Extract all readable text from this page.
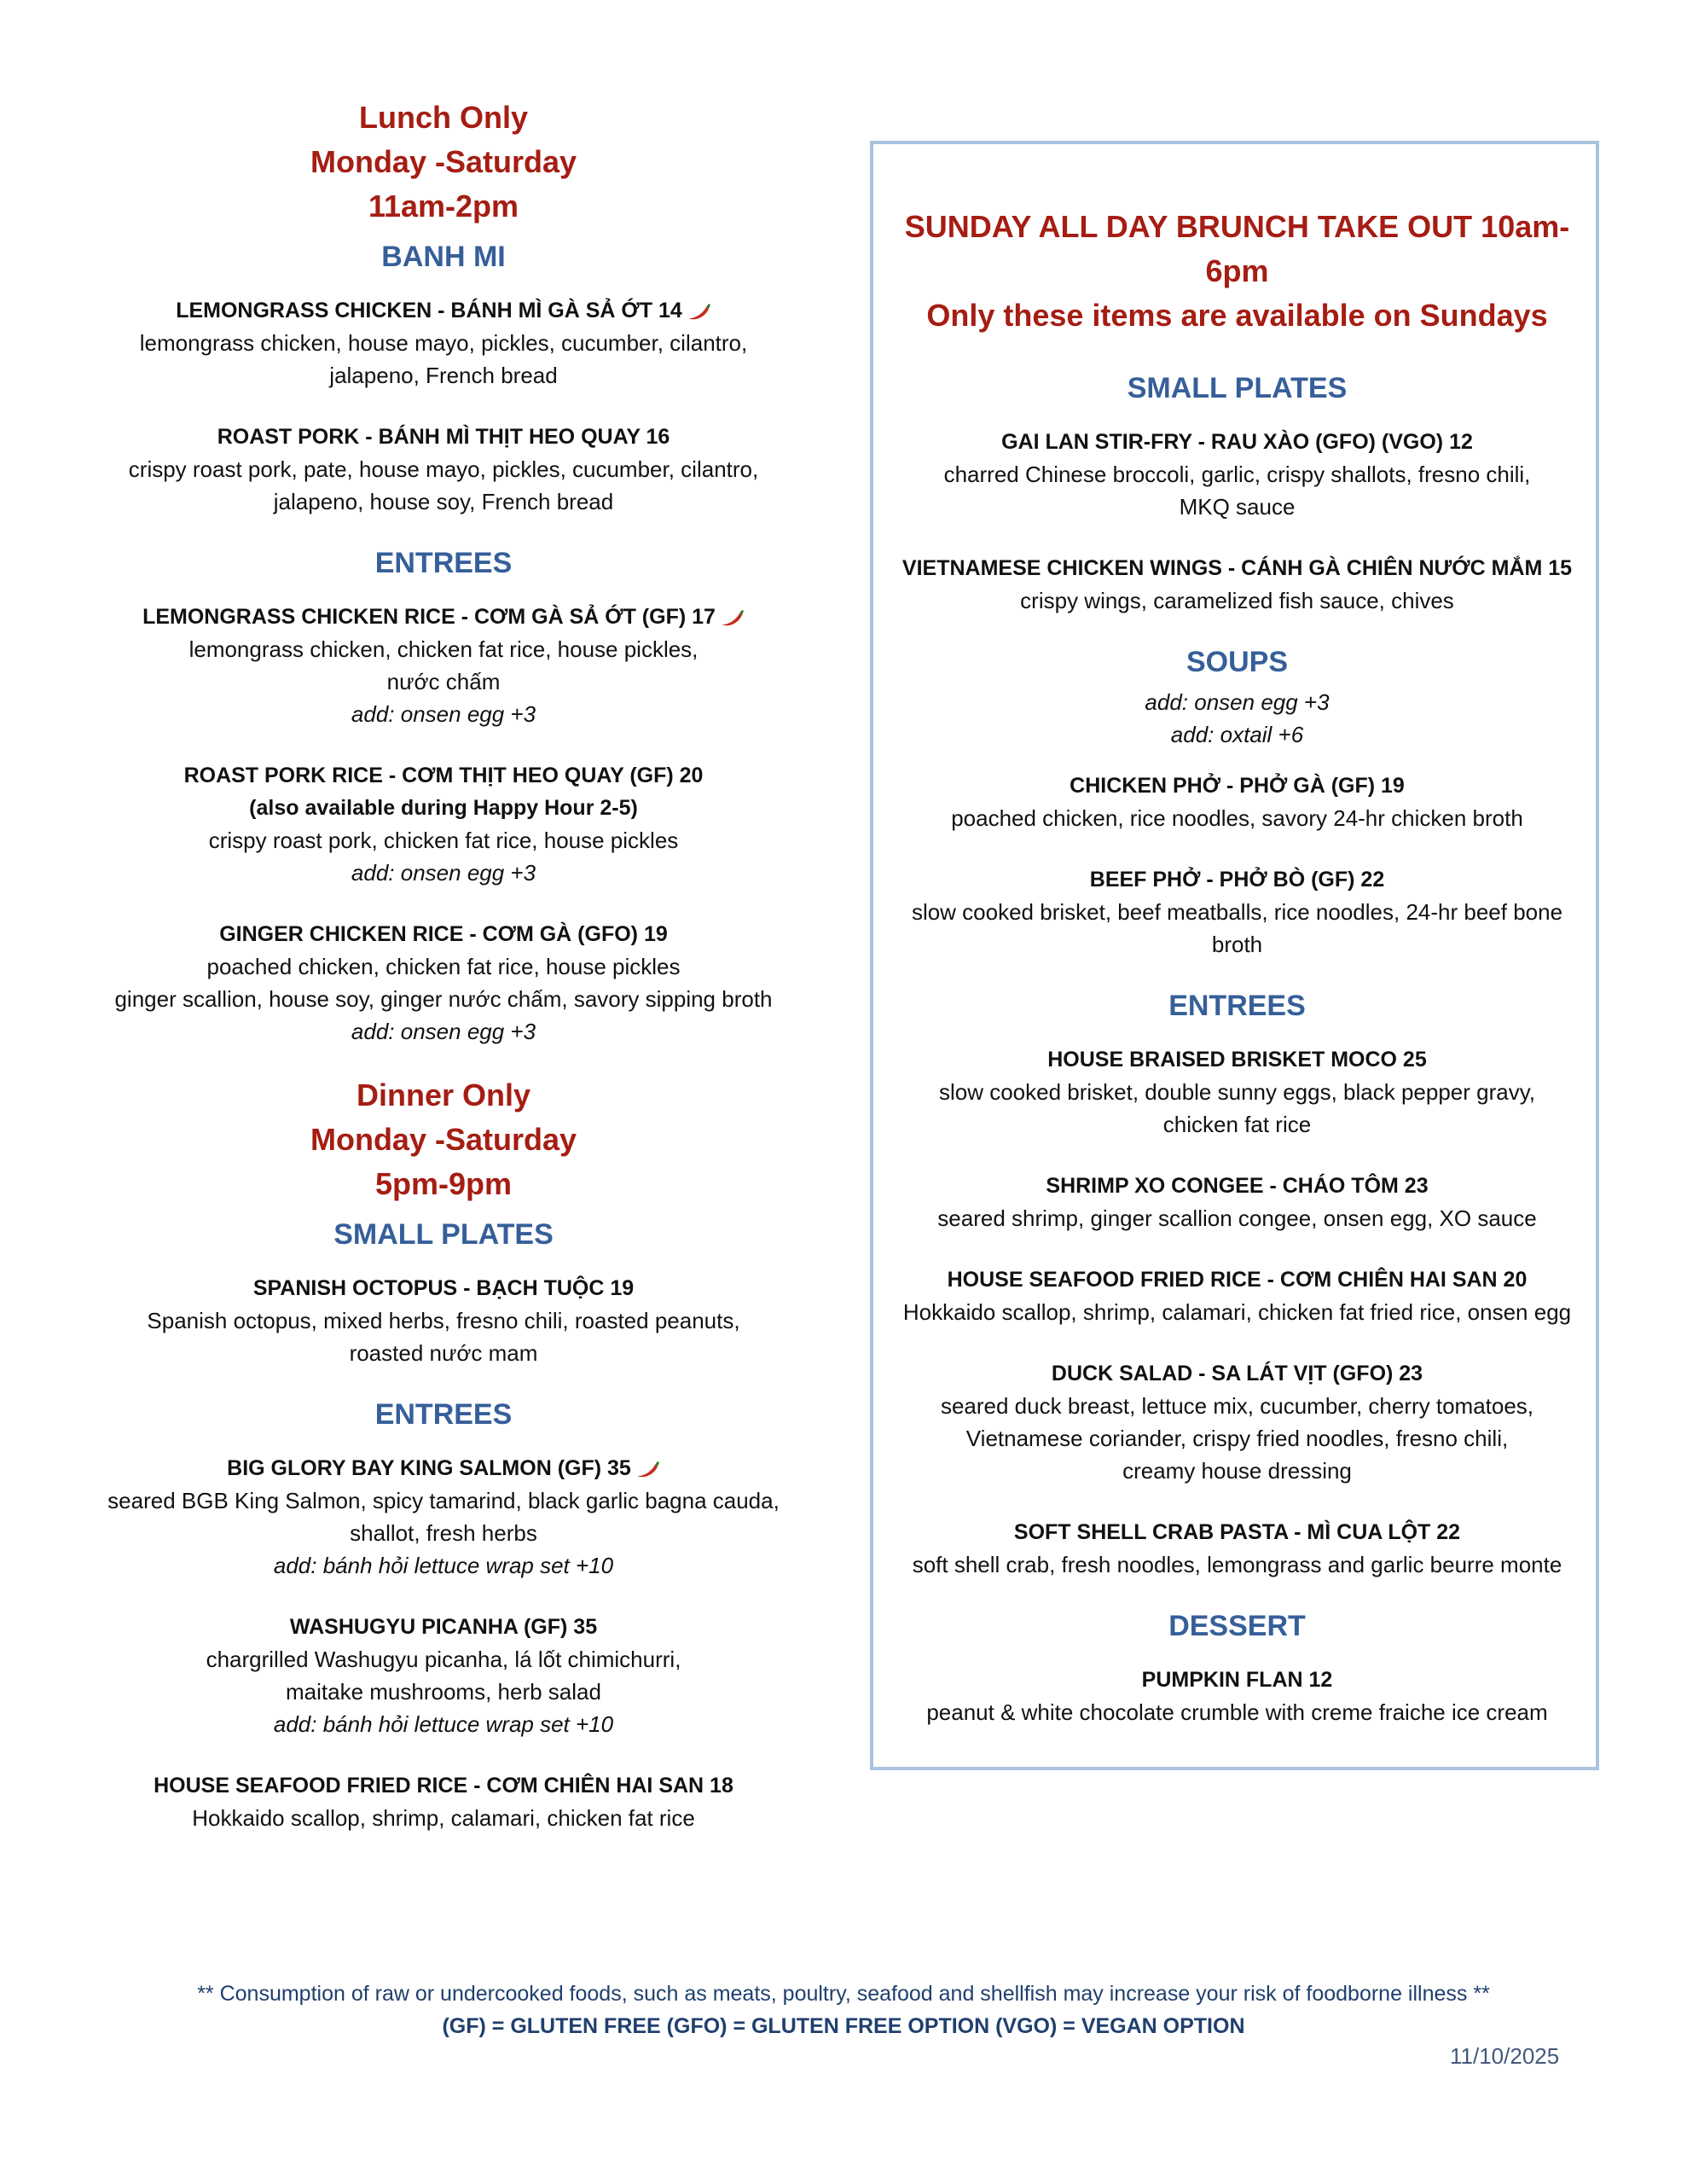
Lunch Only
Monday -Saturday
11am-2pm
BANH MI
LEMONGRASS CHICKEN - BÁNH MÌ GÀ SẢ ỚT 14
lemongrass chicken, house mayo, pickles, cucumber, cilantro,
jalapeno, French bread
ROAST PORK - BÁNH MÌ THỊT HEO QUAY 16
crispy roast pork, pate, house mayo, pickles, cucumber, cilantro,
jalapeno, house soy, French bread
ENTREES
LEMONGRASS CHICKEN RICE - CƠM GÀ SẢ ỚT (GF) 17
lemongrass chicken, chicken fat rice, house pickles,
nước chấm
add: onsen egg +3
ROAST PORK RICE - CƠM THỊT HEO QUAY (GF) 20
(also available during Happy Hour 2-5)
crispy roast pork, chicken fat rice, house pickles
add: onsen egg +3
GINGER CHICKEN RICE - CƠM GÀ (GFO) 19
poached chicken, chicken fat rice, house pickles
ginger scallion, house soy, ginger nước chấm, savory sipping broth
add: onsen egg +3
Dinner Only
Monday -Saturday
5pm-9pm
SMALL PLATES
SPANISH OCTOPUS - BẠCH TUỘC 19
Spanish octopus, mixed herbs, fresno chili, roasted peanuts,
roasted nước mam
ENTREES
BIG GLORY BAY KING SALMON (GF) 35
seared BGB King Salmon, spicy tamarind, black garlic bagna cauda,
shallot, fresh herbs
add: bánh hỏi lettuce wrap set +10
WASHUGYU PICANHA (GF) 35
chargrilled Washugyu picanha, lá lốt chimichurri,
maitake mushrooms, herb salad
add: bánh hỏi lettuce wrap set +10
HOUSE SEAFOOD FRIED RICE - CƠM CHIÊN HAI SAN 18
Hokkaido scallop, shrimp, calamari, chicken fat rice
SUNDAY ALL DAY BRUNCH TAKE OUT 10am-6pm
Only these items are available on Sundays
SMALL PLATES
GAI LAN STIR-FRY - RAU XÀO (GFO) (VGO) 12
charred Chinese broccoli, garlic, crispy shallots, fresno chili,
MKQ sauce
VIETNAMESE CHICKEN WINGS - CÁNH GÀ CHIÊN NƯỚC MẮM 15
crispy wings, caramelized fish sauce, chives
SOUPS
add: onsen egg +3
add: oxtail +6
CHICKEN PHỞ - PHỞ GÀ (GF) 19
poached chicken, rice noodles, savory 24-hr chicken broth
BEEF PHỞ - PHỞ BÒ (GF) 22
slow cooked brisket, beef meatballs, rice noodles, 24-hr beef bone
broth
ENTREES
HOUSE BRAISED BRISKET MOCO 25
slow cooked brisket, double sunny eggs, black pepper gravy,
chicken fat rice
SHRIMP XO CONGEE - CHÁO TÔM 23
seared shrimp, ginger scallion congee, onsen egg, XO sauce
HOUSE SEAFOOD FRIED RICE - CƠM CHIÊN HAI SAN 20
Hokkaido scallop, shrimp, calamari, chicken fat fried rice, onsen egg
DUCK SALAD - SA LÁT VỊT (GFO) 23
seared duck breast, lettuce mix, cucumber, cherry tomatoes,
Vietnamese coriander, crispy fried noodles, fresno chili,
creamy house dressing
SOFT SHELL CRAB PASTA - MÌ CUA LỘT 22
soft shell crab, fresh noodles, lemongrass and garlic beurre monte
DESSERT
PUMPKIN FLAN 12
peanut & white chocolate crumble with creme fraiche ice cream
** Consumption of raw or undercooked foods, such as meats, poultry, seafood and shellfish may increase your risk of foodborne illness **
(GF) = GLUTEN FREE (GFO) = GLUTEN FREE OPTION (VGO) = VEGAN OPTION
11/10/2025
